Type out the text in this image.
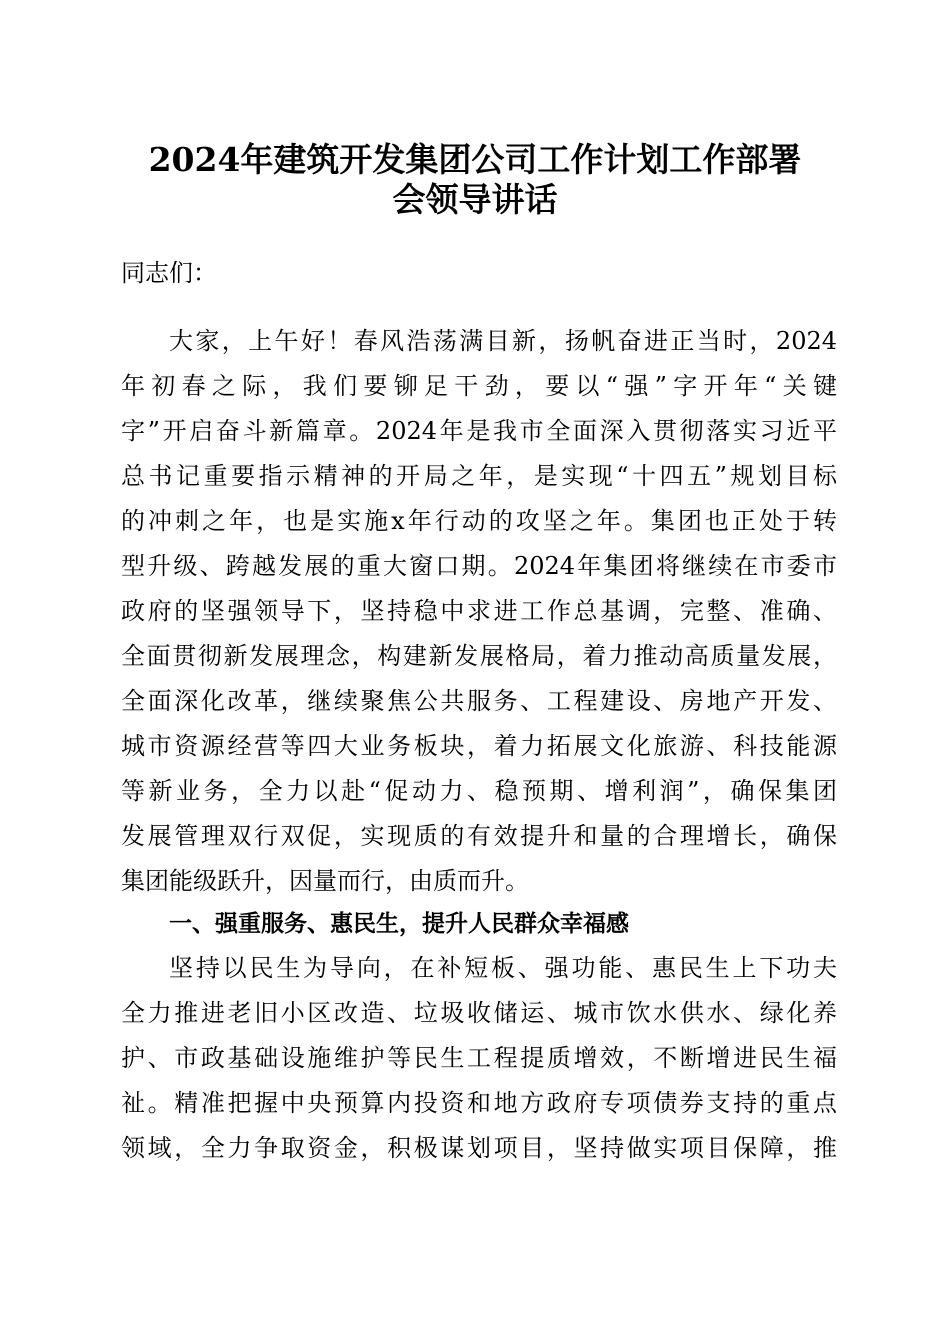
2024年建筑开发集团公司工作计划工作部署
会领导讲话
同志们：
大家，上午好！春风浩荡满目新，扬帆奋进正当时，2024
年初春之际，我们要铆足干劲，要以“强”字开年“关键
字”开启奋斗新篇章。2024年是我市全面深入贯彻落实习近平
总书记重要指示精神的开局之年，是实现“十四五”规划目标
的冲刺之年，也是实施x年行动的攻坚之年。集团也正处于转
型升级、跨越发展的重大窗口期。2024年集团将继续在市委市
政府的坚强领导下，坚持稳中求进工作总基调，完整、准确、
全面贯彻新发展理念，构建新发展格局，着力推动高质量发展，
全面深化改革，继续聚焦公共服务、工程建设、房地产开发、
城市资源经营等四大业务板块，着力拓展文化旅游、科技能源
等新业务，全力以赴“促动力、稳预期、增利润”，确保集团
发展管理双行双促，实现质的有效提升和量的合理增长，确保
集团能级跃升，因量而行，由质而升。
一、强重服务、惠民生，提升人民群众幸福感
坚持以民生为导向，在补短板、强功能、惠民生上下功夫
全力推进老旧小区改造、垃圾收储运、城市饮水供水、绿化养
护、市政基础设施维护等民生工程提质增效，不断增进民生福
祉。精准把握中央预算内投资和地方政府专项债券支持的重点
领域，全力争取资金，积极谋划项目，坚持做实项目保障，推
